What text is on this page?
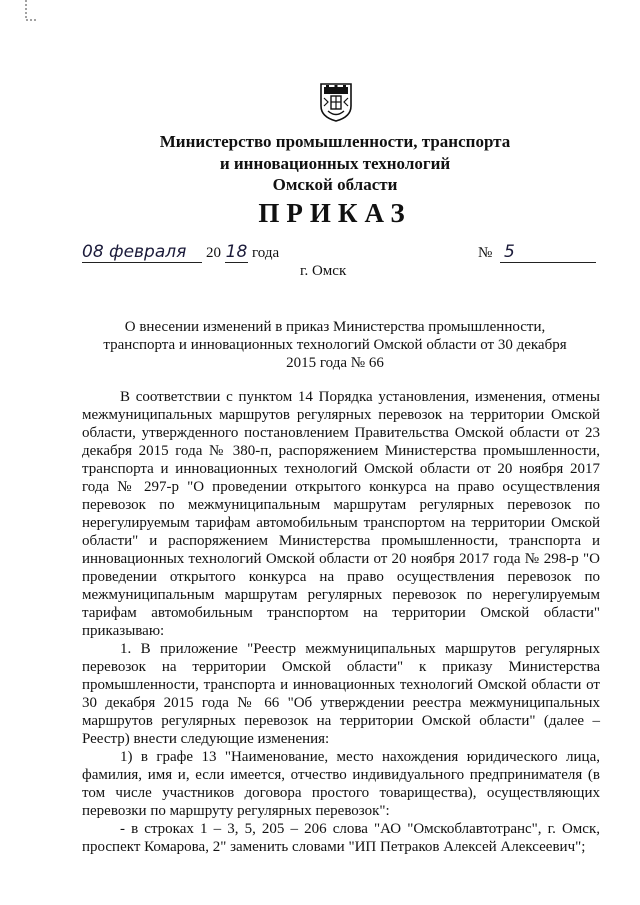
Министерство промышленности, транспорта
и инновационных технологий
Омской области
ПРИКАЗ
08 февраля	20 18 года	№ 5
г. Омск
О внесении изменений в приказ Министерства промышленности, транспорта и инновационных технологий Омской области от 30 декабря 2015 года № 66

В соответствии с пунктом 14 Порядка установления, изменения, отмены межмуниципальных маршрутов регулярных перевозок на территории Омской области, утвержденного постановлением Правительства Омской области от 23 декабря 2015 года № 380-п, распоряжением Министерства промышленности, транспорта и инновационных технологий Омской области от 20 ноября 2017 года № 297-р "О проведении открытого конкурса на право осуществления перевозок по межмуниципальным маршрутам регулярных перевозок по нерегулируемым тарифам автомобильным транспортом на территории Омской области" и распоряжением Министерства промышленности, транспорта и инновационных технологий Омской области от 20 ноября 2017 года № 298-р "О проведении открытого конкурса на право осуществления перевозок по межмуниципальным маршрутам регулярных перевозок по нерегулируемым тарифам автомобильным транспортом на территории Омской области" приказываю:

1. В приложение "Реестр межмуниципальных маршрутов регулярных перевозок на территории Омской области" к приказу Министерства промышленности, транспорта и инновационных технологий Омской области от 30 декабря 2015 года № 66 "Об утверждении реестра межмуниципальных маршрутов регулярных перевозок на территории Омской области" (далее – Реестр) внести следующие изменения:

1) в графе 13 "Наименование, место нахождения юридического лица, фамилия, имя и, если имеется, отчество индивидуального предпринимателя (в том числе участников договора простого товарищества), осуществляющих перевозки по маршруту регулярных перевозок":

- в строках 1 – 3, 5, 205 – 206 слова "АО "Омскоблавтотранс", г. Омск, проспект Комарова, 2" заменить словами "ИП Петраков Алексей Алексеевич";
